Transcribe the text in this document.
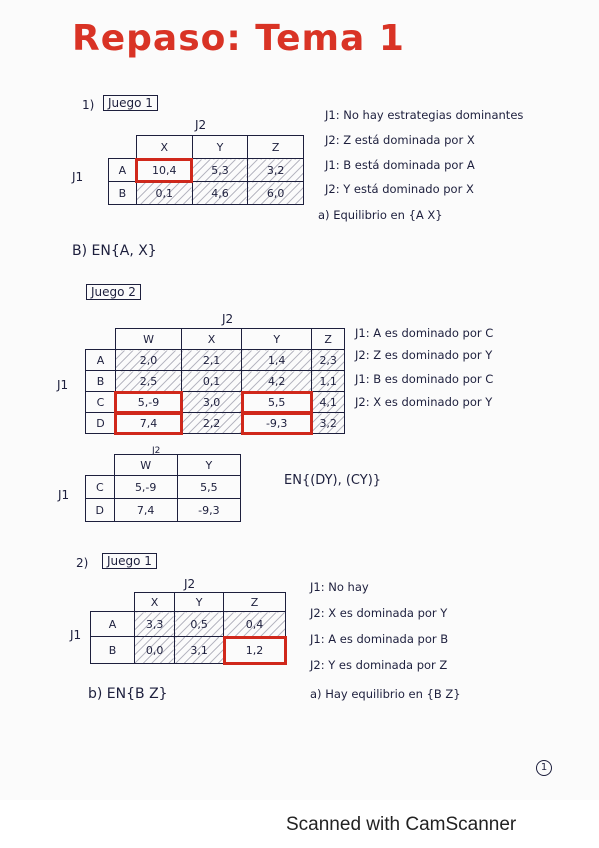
Repaso: Tema 1
1)	Juego 1
J2
J1
	X	Y	Z
A	10,4	5,3	3,2
B	0,1	4,6	6,0
J1: No hay estrategias dominantes
J2: Z está dominada por X
J1: B está dominada por A
J2: Y está dominado por X
a) Equilibrio en {A X}
B) EN{A, X}
Juego 2
J2
J1
	W	X	Y	Z
A	2,0	2,1	1,4	2,3
B	2,5	0,1	4,2	1,1
C	5,-9	3,0	5,5	4,1
D	7,4	2,2	-9,3	3,2
J1: A es dominado por C
J2: Z es dominado por Y
J1: B es dominado por C
J2: X es dominado por Y
J2
J1
	W	Y
C	5,-9	5,5
D	7,4	-9,3
EN{(DY), (CY)}
2)	Juego 1
J2
J1
	X	Y	Z
A	3,3	0,5	0,4
B	0,0	3,1	1,2
J1: No hay
J2: X es dominada por Y
J1: A es dominada por B
J2: Y es dominada por Z
a) Hay equilibrio en {B Z}
b) EN{B Z}
1
Scanned with CamScanner
